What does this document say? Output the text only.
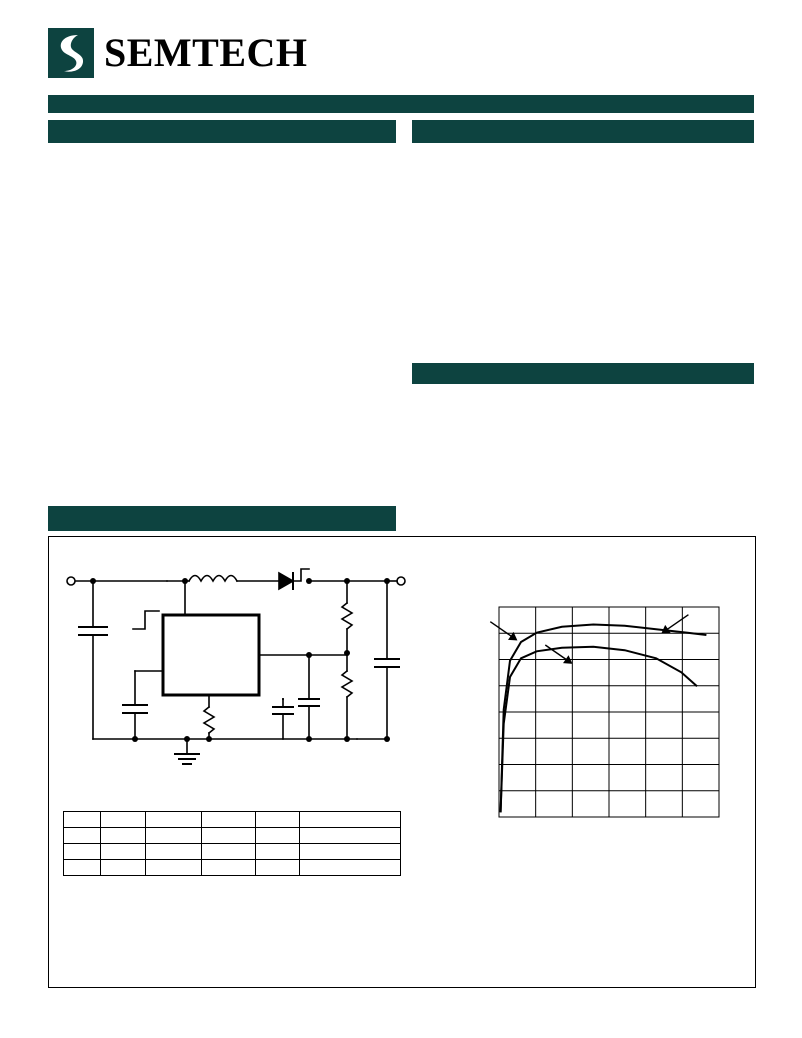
SEMTECH
